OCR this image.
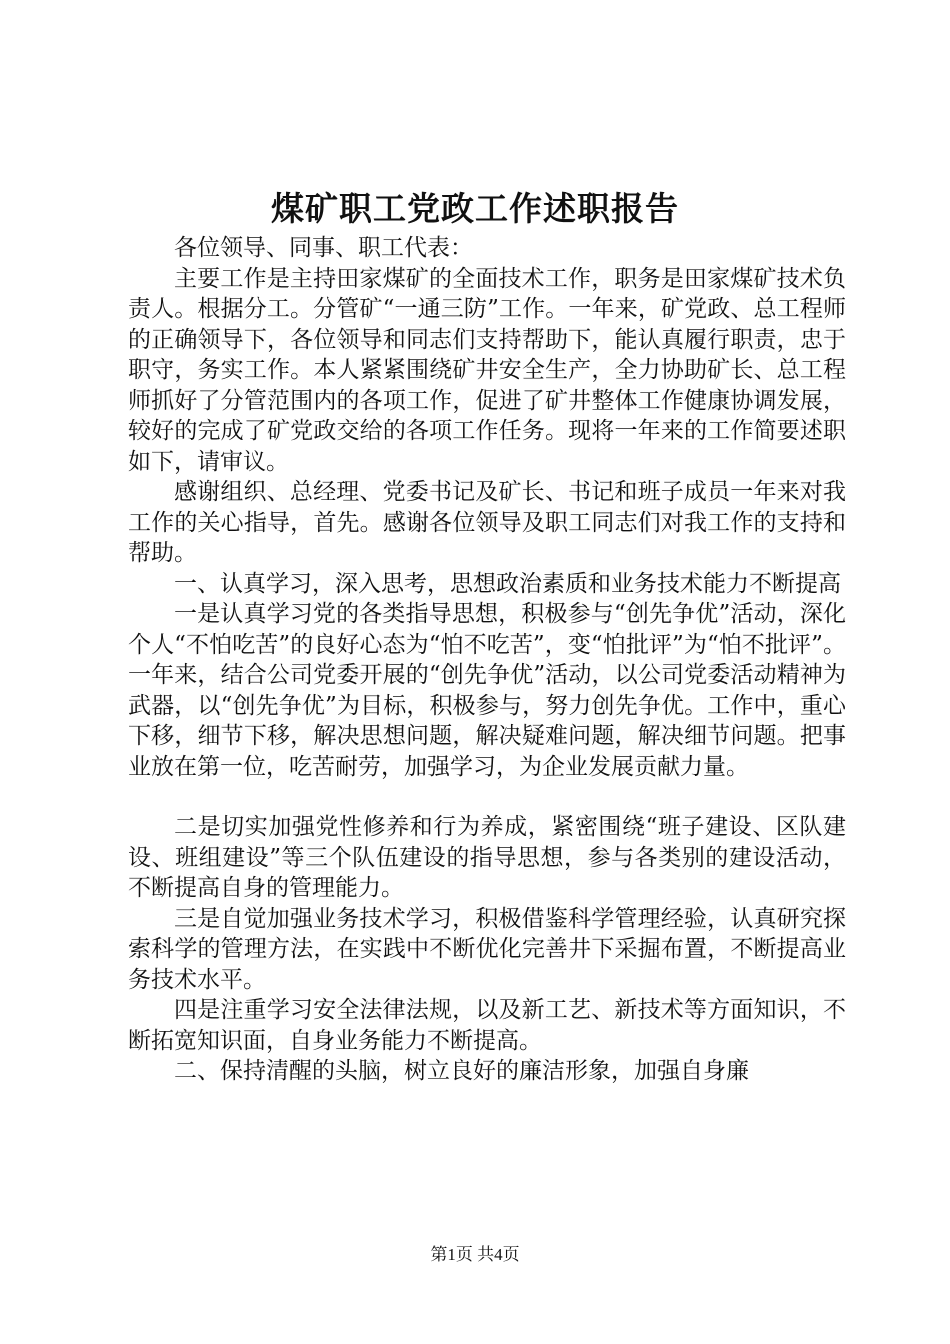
煤矿职工党政工作述职报告

各位领导、同事、职工代表：

主要工作是主持田家煤矿的全面技术工作，职务是田家煤矿技术负责人。根据分工。分管矿“一通三防”工作。一年来，矿党政、总工程师的正确领导下，各位领导和同志们支持帮助下，能认真履行职责，忠于职守，务实工作。本人紧紧围绕矿井安全生产，全力协助矿长、总工程师抓好了分管范围内的各项工作，促进了矿井整体工作健康协调发展，较好的完成了矿党政交给的各项工作任务。现将一年来的工作简要述职如下，请审议。

感谢组织、总经理、党委书记及矿长、书记和班子成员一年来对我工作的关心指导，首先。感谢各位领导及职工同志们对我工作的支持和帮助。

一、认真学习，深入思考，思想政治素质和业务技术能力不断提高

一是认真学习党的各类指导思想，积极参与“创先争优”活动，深化个人“不怕吃苦”的良好心态为“怕不吃苦”，变“怕批评”为“怕不批评”。一年来，结合公司党委开展的“创先争优”活动，以公司党委活动精神为武器，以“创先争优”为目标，积极参与，努力创先争优。工作中，重心下移，细节下移，解决思想问题，解决疑难问题，解决细节问题。把事业放在第一位，吃苦耐劳，加强学习，为企业发展贡献力量。

二是切实加强党性修养和行为养成，紧密围绕“班子建设、区队建设、班组建设”等三个队伍建设的指导思想，参与各类别的建设活动，不断提高自身的管理能力。

三是自觉加强业务技术学习，积极借鉴科学管理经验，认真研究探索科学的管理方法，在实践中不断优化完善井下采掘布置，不断提高业务技术水平。

四是注重学习安全法律法规，以及新工艺、新技术等方面知识，不断拓宽知识面，自身业务能力不断提高。

二、保持清醒的头脑，树立良好的廉洁形象，加强自身廉

第1页 共4页
